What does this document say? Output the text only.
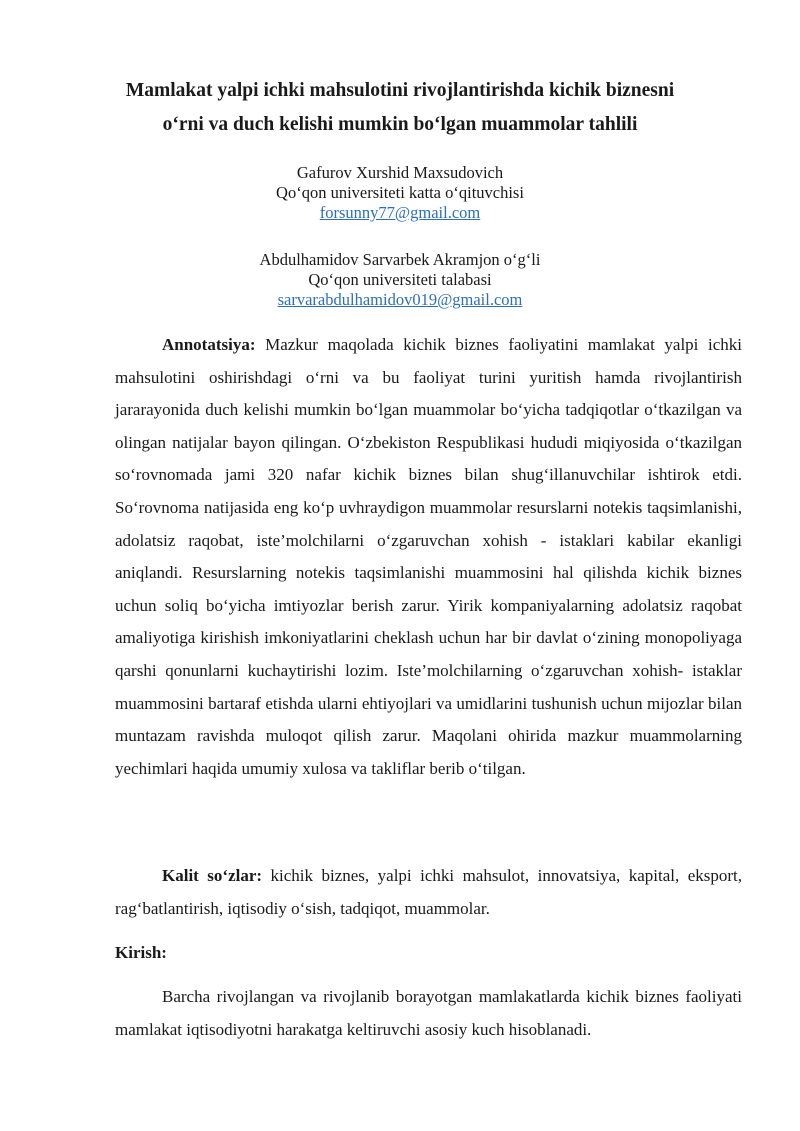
Mamlakat yalpi ichki mahsulotini rivojlantirishda kichik biznesni
o‘rni va duch kelishi mumkin bo‘lgan muammolar tahlili
Gafurov Xurshid Maxsudovich
Qo‘qon universiteti katta o‘qituvchisi
forsunny77@gmail.com
Abdulhamidov Sarvarbek Akramjon o‘g‘li
Qo‘qon universiteti talabasi
sarvarabdulhamidov019@gmail.com
Annotatsiya: Mazkur maqolada kichik biznes faoliyatini mamlakat yalpi ichki mahsulotini oshirishdagi o‘rni va bu faoliyat turini yuritish hamda rivojlantirish jararayonida duch kelishi mumkin bo‘lgan muammolar bo‘yicha tadqiqotlar o‘tkazilgan va olingan natijalar bayon qilingan. O‘zbekiston Respublikasi hududi miqiyosida o‘tkazilgan so‘rovnomada jami 320 nafar kichik biznes bilan shug‘illanuvchilar ishtirok etdi. So‘rovnoma natijasida eng ko‘p uvhraydigon muammolar resurslarni notekis taqsimlanishi, adolatsiz raqobat, iste’molchilarni o‘zgaruvchan xohish - istaklari kabilar ekanligi aniqlandi. Resurslarning notekis taqsimlanishi muammosini hal qilishda kichik biznes uchun soliq bo‘yicha imtiyozlar berish zarur. Yirik kompaniyalarning adolatsiz raqobat amaliyotiga kirishish imkoniyatlarini cheklash uchun har bir davlat o‘zining monopoliyaga qarshi qonunlarni kuchaytirishi lozim. Iste’molchilarning o‘zgaruvchan xohish- istaklar muammosini bartaraf etishda ularni ehtiyojlari va umidlarini tushunish uchun mijozlar bilan muntazam ravishda muloqot qilish zarur. Maqolani ohirida mazkur muammolarning yechimlari haqida umumiy xulosa va takliflar berib o‘tilgan.
Kalit so‘zlar: kichik biznes, yalpi ichki mahsulot, innovatsiya, kapital, eksport, rag‘batlantirish, iqtisodiy o‘sish, tadqiqot, muammolar.
Kirish:
Barcha rivojlangan va rivojlanib borayotgan mamlakatlarda kichik biznes faoliyati mamlakat iqtisodiyotni harakatga keltiruvchi asosiy kuch hisoblanadi.
